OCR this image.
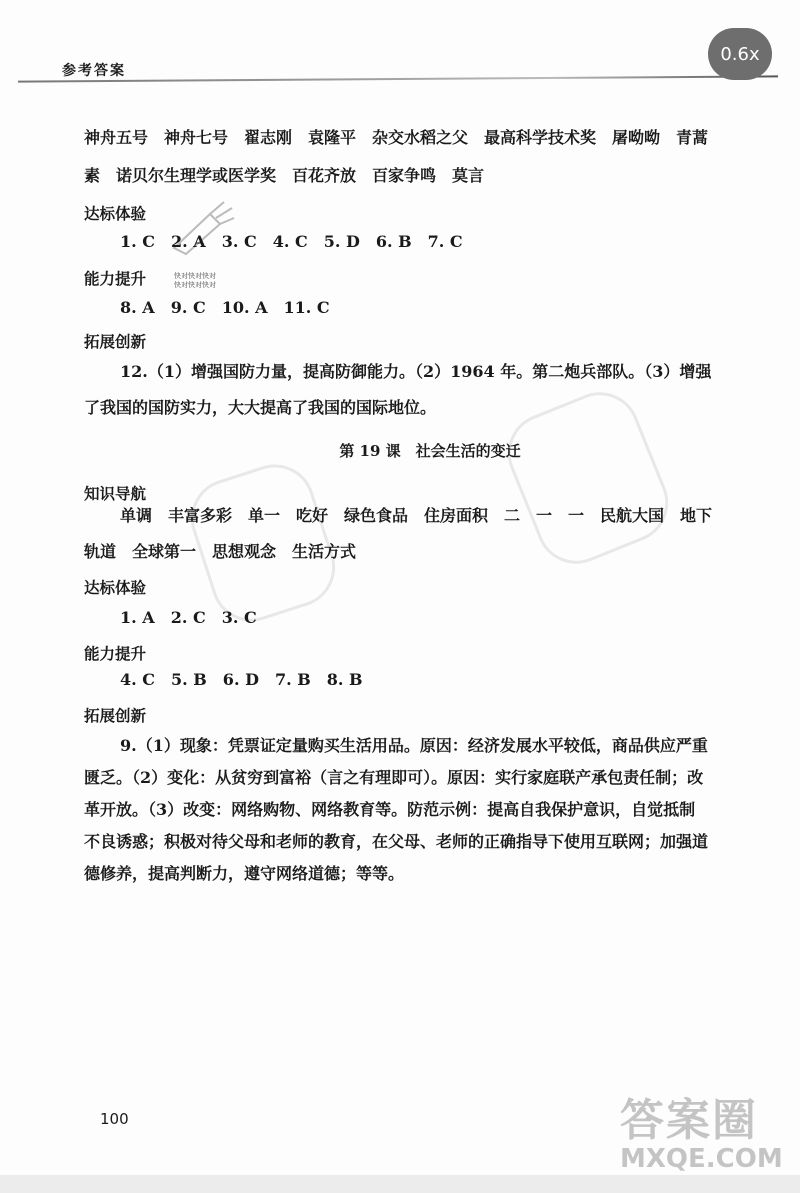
参考答案
0.6x
快对快对快对
快对快对快对
神舟五号　神舟七号　翟志刚　袁隆平　杂交水稻之父　最高科学技术奖　屠呦呦　青蒿
素　诺贝尔生理学或医学奖　百花齐放　百家争鸣　莫言
达标体验
1. C　2. A　3. C　4. C　5. D　6. B　7. C
能力提升
8. A　9. C　10. A　11. C
拓展创新
12.（1）增强国防力量，提高防御能力。（2）1964 年。第二炮兵部队。（3）增强
了我国的国防实力，大大提高了我国的国际地位。
第 19 课　社会生活的变迁
知识导航
单调　丰富多彩　单一　吃好　绿色食品　住房面积　二　一　一　民航大国　地下
轨道　全球第一　思想观念　生活方式
达标体验
1. A　2. C　3. C
能力提升
4. C　5. B　6. D　7. B　8. B
拓展创新
9.（1）现象：凭票证定量购买生活用品。原因：经济发展水平较低，商品供应严重
匮乏。（2）变化：从贫穷到富裕（言之有理即可）。原因：实行家庭联产承包责任制；改
革开放。（3）改变：网络购物、网络教育等。防范示例：提高自我保护意识，自觉抵制
不良诱惑；积极对待父母和老师的教育，在父母、老师的正确指导下使用互联网；加强道
德修养，提高判断力，遵守网络道德；等等。
100	答案圈
MXQE.COM
